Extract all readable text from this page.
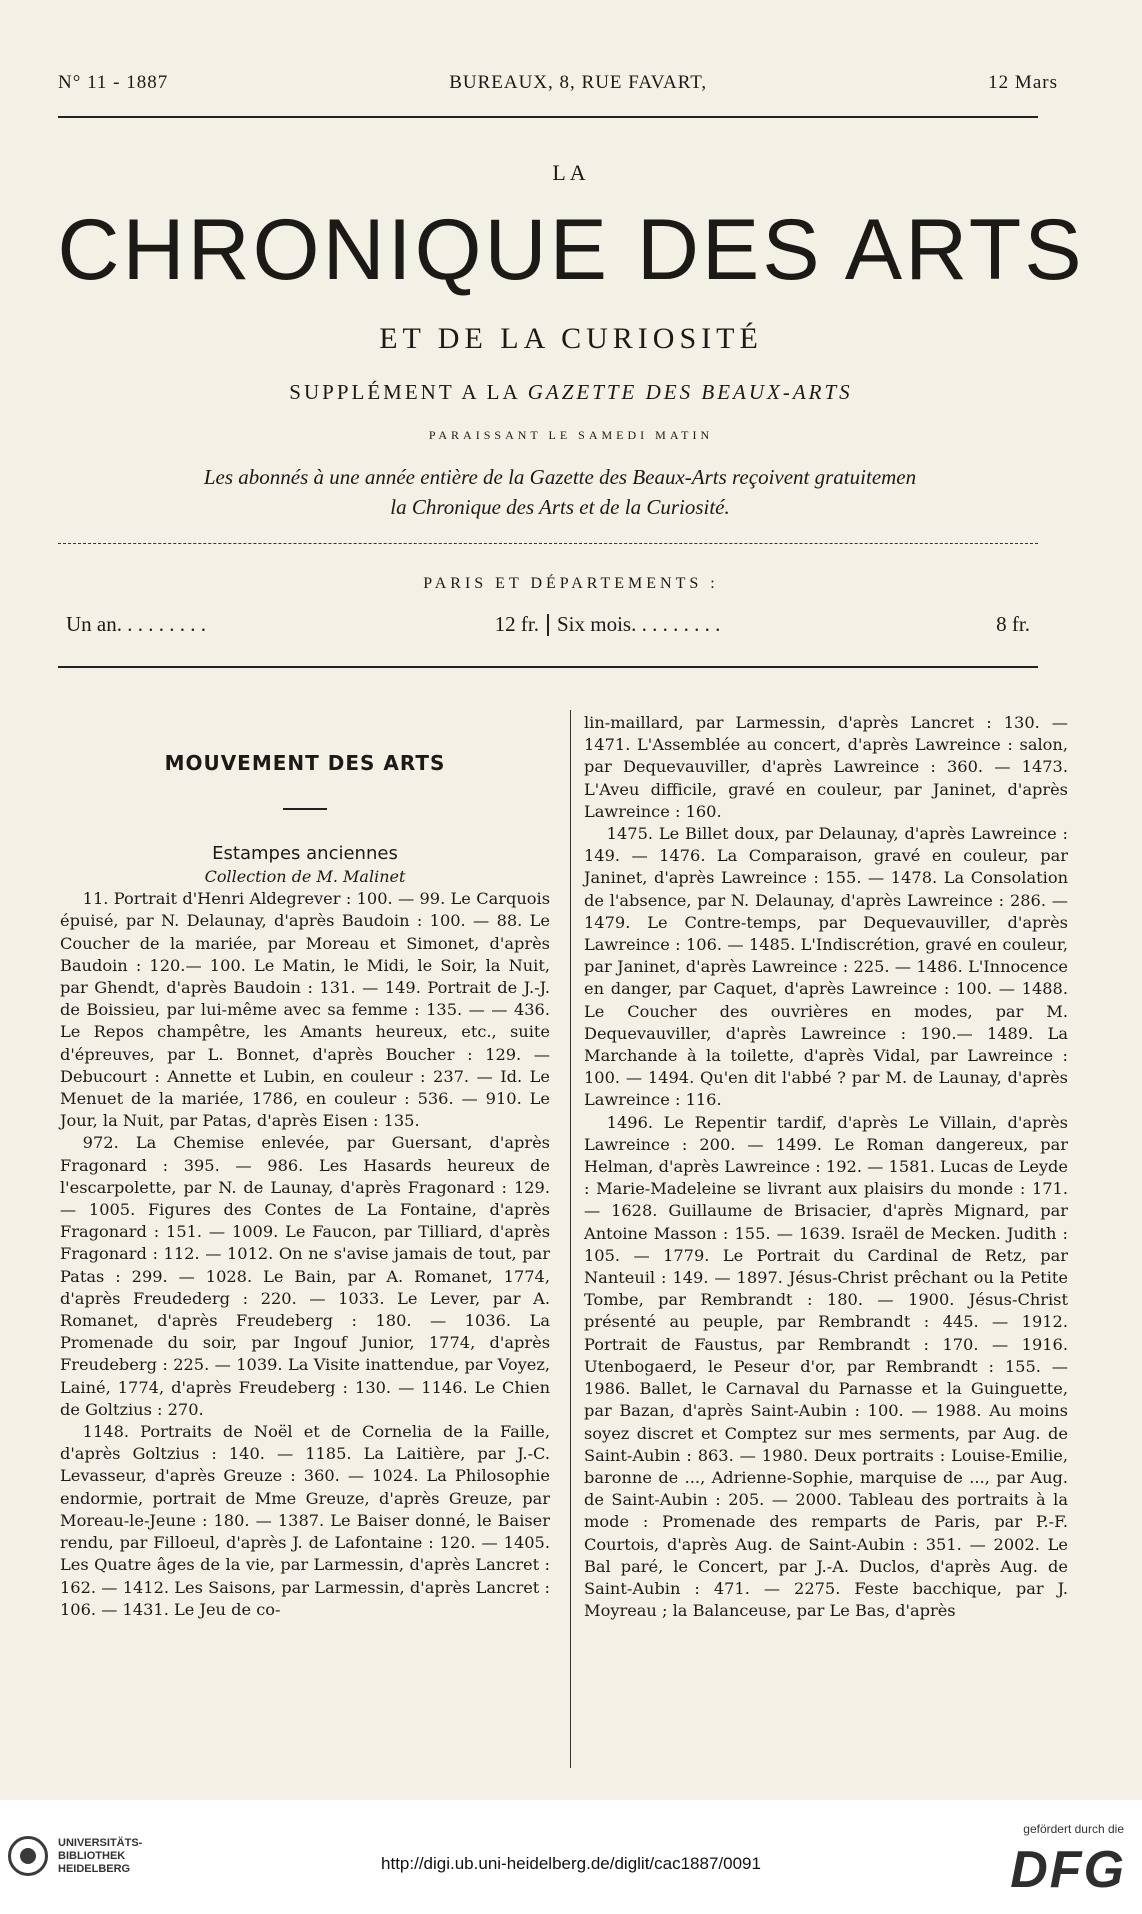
N° 11 - 1887	BUREAUX, 8, RUE FAVART,	12 Mars
LA
CHRONIQUE DES ARTS
ET DE LA CURIOSITÉ
SUPPLÉMENT A LA GAZETTE DES BEAUX-ARTS
PARAISSANT LE SAMEDI MATIN
Les abonnés à une année entière de la Gazette des Beaux-Arts reçoivent gratuitemen
la Chronique des Arts et de la Curiosité.
PARIS ET DÉPARTEMENTS :
Un an. . . . . . . . .	12 fr. Six mois. . . . . . . . .	8 fr.
MOUVEMENT DES ARTS
Estampes anciennes
Collection de M. Malinet

11. Portrait d'Henri Aldegrever : 100. — 99. Le Carquois épuisé, par N. Delaunay, d'après Baudoin : 100. — 88. Le Coucher de la mariée, par Moreau et Simonet, d'après Baudoin : 120.— 100. Le Matin, le Midi, le Soir, la Nuit, par Ghendt, d'après Baudoin : 131. — 149. Portrait de J.-J. de Boissieu, par lui-même avec sa femme : 135. — — 436. Le Repos champêtre, les Amants heureux, etc., suite d'épreuves, par L. Bonnet, d'après Boucher : 129. — Debucourt : Annette et Lubin, en couleur : 237. — Id. Le Menuet de la mariée, 1786, en couleur : 536. — 910. Le Jour, la Nuit, par Patas, d'après Eisen : 135.

972. La Chemise enlevée, par Guersant, d'après Fragonard : 395. — 986. Les Hasards heureux de l'escarpolette, par N. de Launay, d'après Fragonard : 129. — 1005. Figures des Contes de La Fontaine, d'après Fragonard : 151. — 1009. Le Faucon, par Tilliard, d'après Fragonard : 112. — 1012. On ne s'avise jamais de tout, par Patas : 299. — 1028. Le Bain, par A. Romanet, 1774, d'après Freudederg : 220. — 1033. Le Lever, par A. Romanet, d'après Freudeberg : 180. — 1036. La Promenade du soir, par Ingouf Junior, 1774, d'après Freudeberg : 225. — 1039. La Visite inattendue, par Voyez, Lainé, 1774, d'après Freudeberg : 130. — 1146. Le Chien de Goltzius : 270.

1148. Portraits de Noël et de Cornelia de la Faille, d'après Goltzius : 140. — 1185. La Laitière, par J.-C. Levasseur, d'après Greuze : 360. — 1024. La Philosophie endormie, portrait de Mme Greuze, d'après Greuze, par Moreau-le-Jeune : 180. — 1387. Le Baiser donné, le Baiser rendu, par Filloeul, d'après J. de Lafontaine : 120. — 1405. Les Quatre âges de la vie, par Larmessin, d'après Lancret : 162. — 1412. Les Saisons, par Larmessin, d'après Lancret : 106. — 1431. Le Jeu de co-

lin-maillard, par Larmessin, d'après Lancret : 130. — 1471. L'Assemblée au concert, d'après Lawreince : salon, par Dequevauviller, d'après Lawreince : 360. — 1473. L'Aveu difficile, gravé en couleur, par Janinet, d'après Lawreince : 160.

1475. Le Billet doux, par Delaunay, d'après Lawreince : 149. — 1476. La Comparaison, gravé en couleur, par Janinet, d'après Lawreince : 155. — 1478. La Consolation de l'absence, par N. Delaunay, d'après Lawreince : 286. — 1479. Le Contre-temps, par Dequevauviller, d'après Lawreince : 106. — 1485. L'Indiscrétion, gravé en couleur, par Janinet, d'après Lawreince : 225. — 1486. L'Innocence en danger, par Caquet, d'après Lawreince : 100. — 1488. Le Coucher des ouvrières en modes, par M. Dequevauviller, d'après Lawreince : 190.— 1489. La Marchande à la toilette, d'après Vidal, par Lawreince : 100. — 1494. Qu'en dit l'abbé ? par M. de Launay, d'après Lawreince : 116.

1496. Le Repentir tardif, d'après Le Villain, d'après Lawreince : 200. — 1499. Le Roman dangereux, par Helman, d'après Lawreince : 192. — 1581. Lucas de Leyde : Marie-Madeleine se livrant aux plaisirs du monde : 171. — 1628. Guillaume de Brisacier, d'après Mignard, par Antoine Masson : 155. — 1639. Israël de Mecken. Judith : 105. — 1779. Le Portrait du Cardinal de Retz, par Nanteuil : 149. — 1897. Jésus-Christ prêchant ou la Petite Tombe, par Rembrandt : 180. — 1900. Jésus-Christ présenté au peuple, par Rembrandt : 445. — 1912. Portrait de Faustus, par Rembrandt : 170. — 1916. Utenbogaerd, le Peseur d'or, par Rembrandt : 155. — 1986. Ballet, le Carnaval du Parnasse et la Guinguette, par Bazan, d'après Saint-Aubin : 100. — 1988. Au moins soyez discret et Comptez sur mes serments, par Aug. de Saint-Aubin : 863. — 1980. Deux portraits : Louise-Emilie, baronne de ..., Adrienne-Sophie, marquise de ..., par Aug. de Saint-Aubin : 205. — 2000. Tableau des portraits à la mode : Promenade des remparts de Paris, par P.-F. Courtois, d'après Aug. de Saint-Aubin : 351. — 2002. Le Bal paré, le Concert, par J.-A. Duclos, d'après Aug. de Saint-Aubin : 471. — 2275. Feste bacchique, par J. Moyreau ; la Balanceuse, par Le Bas, d'après

UNIVERSITÄTS-
BIBLIOTHEK
HEIDELBERG	http://digi.ub.uni-heidelberg.de/diglit/cac1887/0091
gefördert durch die
DFG
